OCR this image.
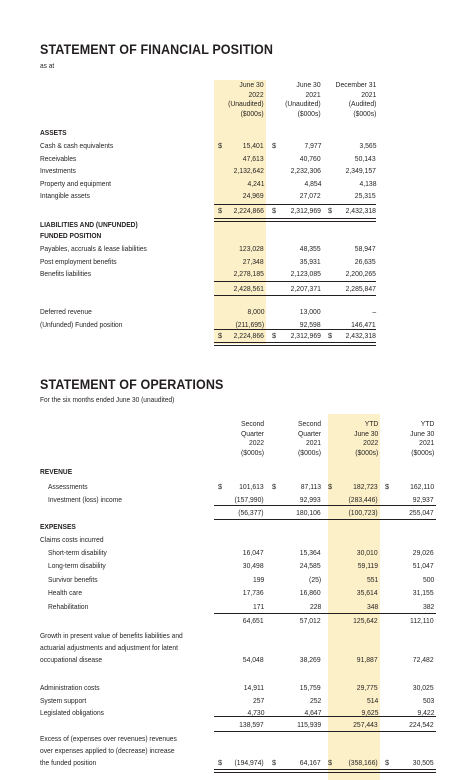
STATEMENT OF FINANCIAL POSITION
as at
June 30
2022
(Unaudited)
($000s)
June 30
2021
(Unaudited)
($000s)
December 31
2021
(Audited)
($000s)
ASSETS
Cash & cash equivalents	15,401	7,977	3,565
$	$
Receivables	47,613	40,760	50,143
Investments	2,132,642	2,232,306	2,349,157
Property and equipment	4,241	4,854	4,138
Intangible assets	24,969	27,072	25,315
2,224,866	2,312,969	2,432,318
$	$	$
LIABILITIES AND (UNFUNDED)
FUNDED POSITION
Payables, accruals & lease liabilities	123,028	48,355	58,947
Post employment benefits	27,348	35,931	26,635
Benefits liabilities	2,278,185	2,123,085	2,200,265
2,428,561	2,207,371	2,285,847
Deferred revenue	8,000	13,000	–
(Unfunded) Funded position	(211,695)	92,598	146,471
2,224,866	2,312,969	2,432,318
$	$	$
STATEMENT OF OPERATIONS
For the six months ended June 30 (unaudited)
Second
Quarter
2022
($000s)
Second
Quarter
2021
($000s)
YTD
June 30
2022
($000s)
YTD
June 30
2021
($000s)
REVENUE
Assessments	101,613	87,113	182,723	162,110
$	$	$	$
Investment (loss) income	(157,990)	92,993	(283,446)	92,937
(56,377)	180,106	(100,723)	255,047
EXPENSES
Claims costs incurred
Short-term disability	16,047	15,364	30,010	29,026
Long-term disability	30,498	24,585	59,119	51,047
Survivor benefits	199	(25)	551	500
Health care	17,736	16,860	35,614	31,155
Rehabilitation	171	228	348	382
64,651	57,012	125,642	112,110
Growth in present value of benefits liabilities and
actuarial adjustments and adjustment for latent
occupational disease	54,048	38,269	91,887	72,482
Administration costs	14,911	15,759	29,775	30,025
System support	257	252	514	503
Legislated obligations	4,730	4,647	9,625	9,422
138,597	115,939	257,443	224,542
Excess of (expenses over revenues) revenues
over expenses applied to (decrease) increase
the funded position	(194,974)	64,167	(358,166)	30,505
$	$	$	$
